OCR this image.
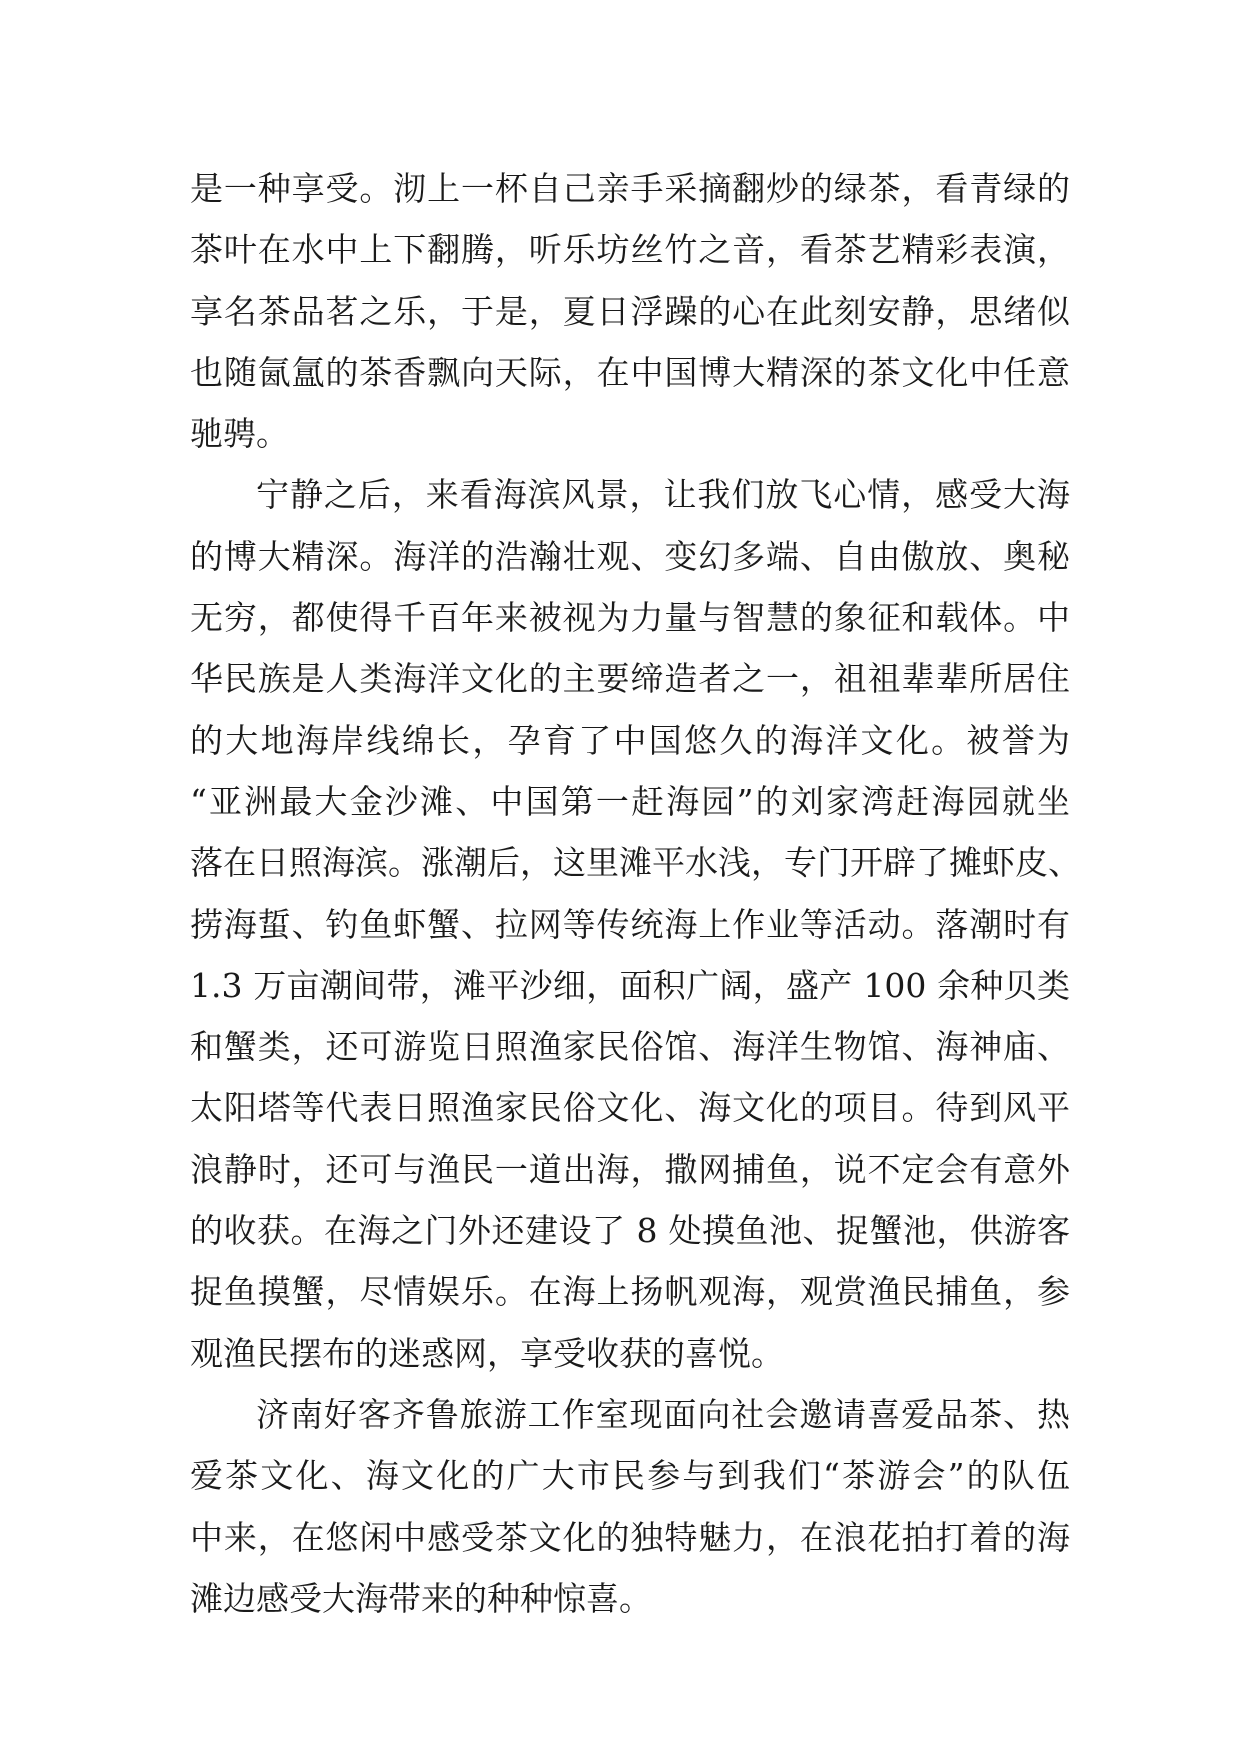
是一种享受。沏上一杯自己亲手采摘翻炒的绿茶，看青绿的
茶叶在水中上下翻腾，听乐坊丝竹之音，看茶艺精彩表演，
享名茶品茗之乐，于是，夏日浮躁的心在此刻安静，思绪似
也随氤氲的茶香飘向天际，在中国博大精深的茶文化中任意
驰骋。
宁静之后，来看海滨风景，让我们放飞心情，感受大海
的博大精深。海洋的浩瀚壮观、变幻多端、自由傲放、奥秘
无穷，都使得千百年来被视为力量与智慧的象征和载体。中
华民族是人类海洋文化的主要缔造者之一，祖祖辈辈所居住
的大地海岸线绵长，孕育了中国悠久的海洋文化。被誉为
“亚洲最大金沙滩、中国第一赶海园”的刘家湾赶海园就坐
落在日照海滨。涨潮后，这里滩平水浅，专门开辟了摊虾皮、
捞海蜇、钓鱼虾蟹、拉网等传统海上作业等活动。落潮时有
1.3 万亩潮间带，滩平沙细，面积广阔，盛产 100 余种贝类
和蟹类，还可游览日照渔家民俗馆、海洋生物馆、海神庙、
太阳塔等代表日照渔家民俗文化、海文化的项目。待到风平
浪静时，还可与渔民一道出海，撒网捕鱼，说不定会有意外
的收获。在海之门外还建设了 8 处摸鱼池、捉蟹池，供游客
捉鱼摸蟹，尽情娱乐。在海上扬帆观海，观赏渔民捕鱼，参
观渔民摆布的迷惑网，享受收获的喜悦。
济南好客齐鲁旅游工作室现面向社会邀请喜爱品茶、热
爱茶文化、海文化的广大市民参与到我们“茶游会”的队伍
中来，在悠闲中感受茶文化的独特魅力，在浪花拍打着的海
滩边感受大海带来的种种惊喜。
